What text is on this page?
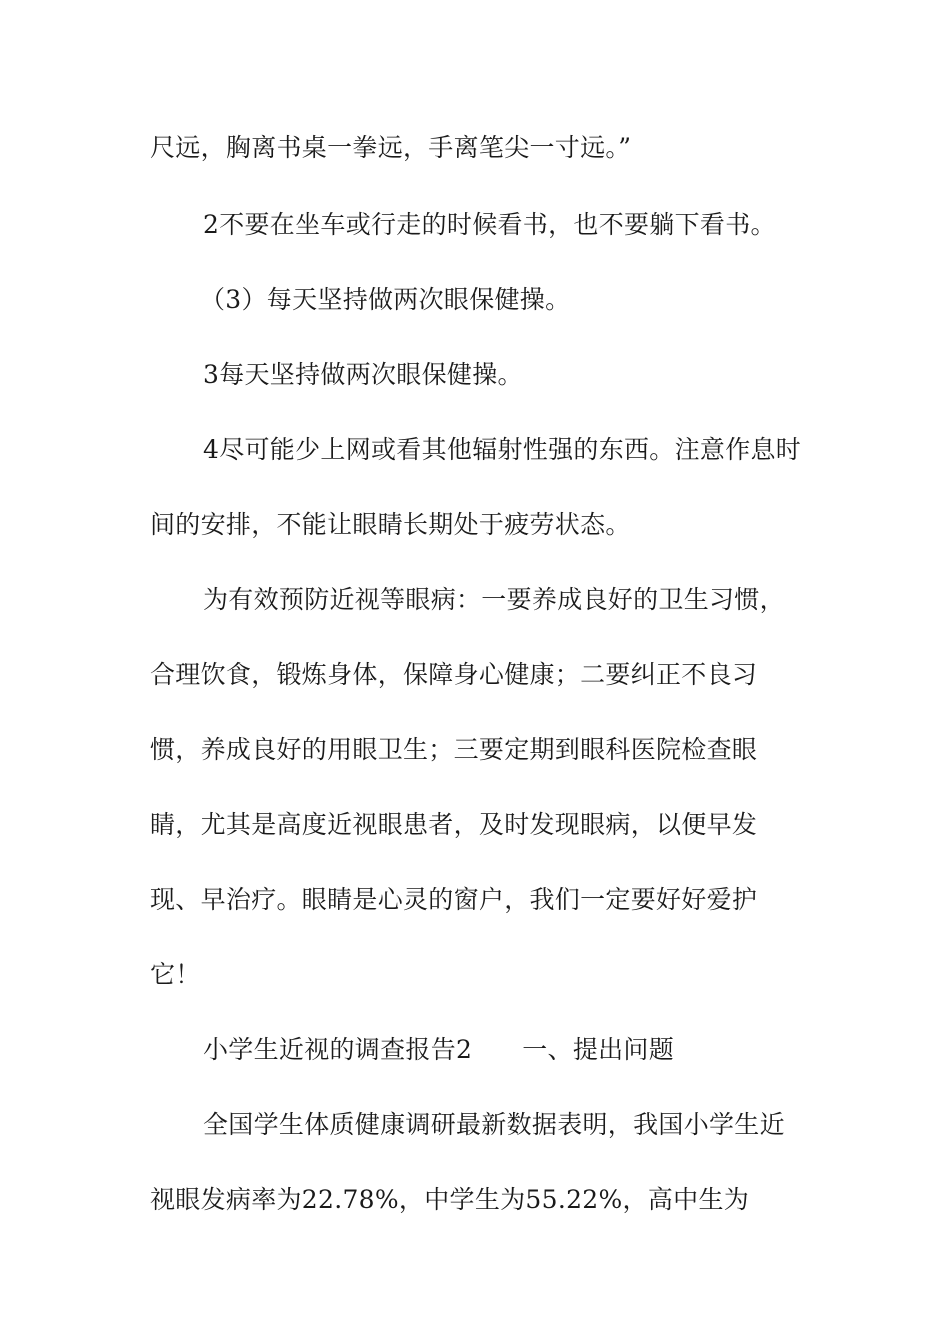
尺远，胸离书桌一拳远，手离笔尖一寸远。”
2不要在坐车或行走的时候看书，也不要躺下看书。
（3）每天坚持做两次眼保健操。
3每天坚持做两次眼保健操。
4尽可能少上网或看其他辐射性强的东西。注意作息时
间的安排，不能让眼睛长期处于疲劳状态。
为有效预防近视等眼病：一要养成良好的卫生习惯，
合理饮食，锻炼身体，保障身心健康；二要纠正不良习
惯，养成良好的用眼卫生；三要定期到眼科医院检查眼
睛，尤其是高度近视眼患者，及时发现眼病，以便早发
现、早治疗。眼睛是心灵的窗户，我们一定要好好爱护
它！
小学生近视的调查报告2 一、提出问题
全国学生体质健康调研最新数据表明，我国小学生近
视眼发病率为22.78%，中学生为55.22%，高中生为
